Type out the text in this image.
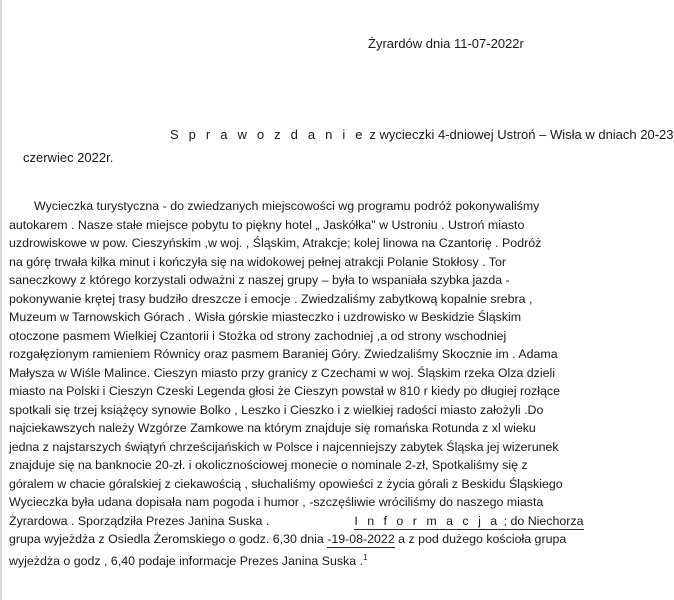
Żyrardów dnia 11-07-2022r
S p r a w o z d a n i e z wycieczki 4-dniowej Ustroń – Wisła w dniach 20-23
czerwiec 2022r.
Wycieczka turystyczna - do zwiedzanych miejscowości wg programu podróż pokonywaliśmy
autokarem . Nasze stałe miejsce pobytu to piękny hotel „ Jaskółka" w Ustroniu . Ustroń miasto
uzdrowiskowe w pow. Cieszyńskim ,w woj. , Śląskim, Atrakcje; kolej linowa na Czantorię . Podróż
na górę trwała kilka minut i kończyła się na widokowej pełnej atrakcji Polanie Stokłosy . Tor
saneczkowy z którego korzystali odważni z naszej grupy – była to wspaniała szybka jazda -
pokonywanie krętej trasy budziło dreszcze i emocje . Zwiedzaliśmy zabytkową kopalnie srebra ,
Muzeum w Tarnowskich Górach . Wisła górskie miasteczko i uzdrowisko w Beskidzie Śląskim
otoczone pasmem Wielkiej Czantorii i Stożka od strony zachodniej ,a od strony wschodniej
rozgałęzionym ramieniem Równicy oraz pasmem Baraniej Góry. Zwiedzaliśmy Skocznie im . Adama
Małysza w Wiśle Malince. Cieszyn miasto przy granicy z Czechami w woj. Śląskim rzeka Olza dzieli
miasto na Polski i Cieszyn Czeski Legenda głosi że Cieszyn powstał w 810 r kiedy po długiej rozłące
spotkali się trzej książęcy synowie Bolko , Leszko i Cieszko i z wielkiej radości miasto założyli .Do
najciekawszych należy Wzgórze Zamkowe na którym znajduje się romańska Rotunda z xl wieku
jedna z najstarszych świątyń chrześcijańskich w Polsce i najcenniejszy zabytek Śląska jej wizerunek
znajduje się na banknocie 20-zł. i okolicznościowej monecie o nominale 2-zł, Spotkaliśmy się z
góralem w chacie góralskiej z ciekawością , słuchaliśmy opowieści z życia górali z Beskidu Śląskiego
Wycieczka była udana dopisała nam pogoda i humor , -szczęśliwie wróciliśmy do naszego miasta
Żyrardowa . Sporządziła Prezes Janina Suska .	I n f o r m a c j a ; do Niechorza
grupa wyjeżdża z Osiedla Żeromskiego o godz. 6,30 dnia -19-08-2022 a z pod dużego kościoła grupa
wyjeżdża o godz , 6,40 podaje informacje Prezes Janina Suska .$^1$
